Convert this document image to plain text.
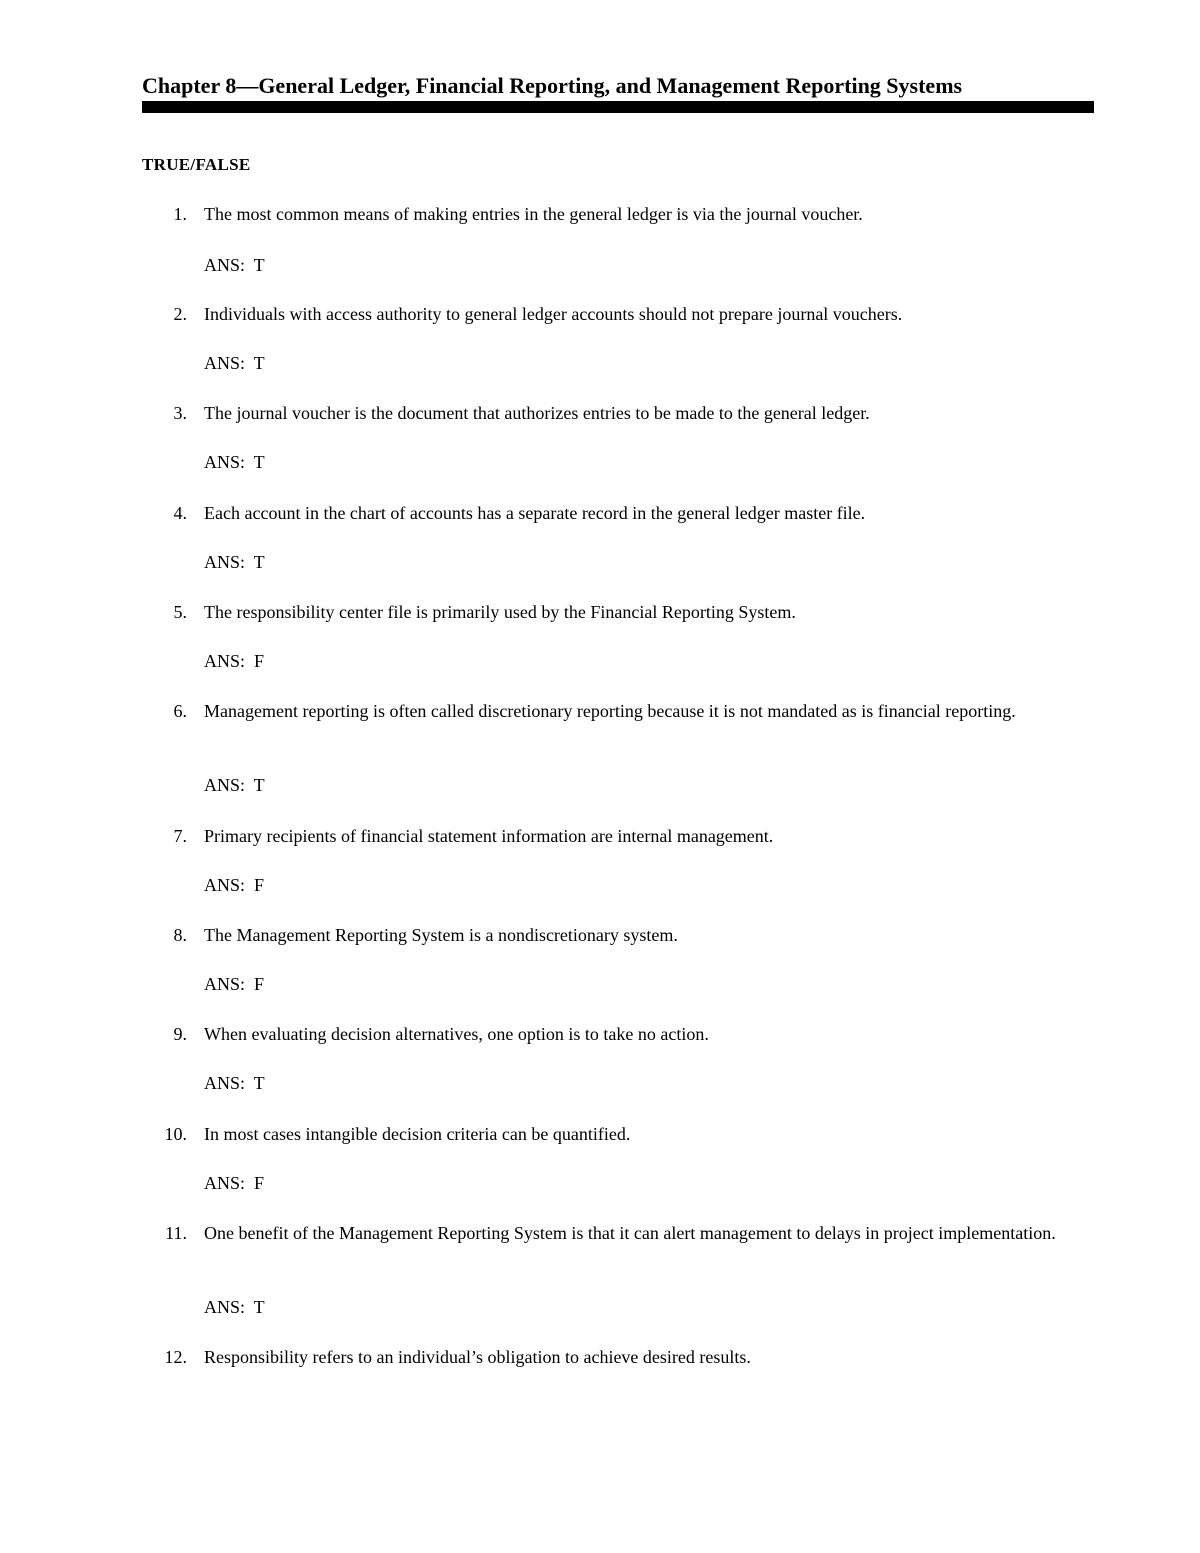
Chapter 8—General Ledger, Financial Reporting, and Management Reporting Systems
TRUE/FALSE
1. The most common means of making entries in the general ledger is via the journal voucher.
ANS:  T
2. Individuals with access authority to general ledger accounts should not prepare journal vouchers.
ANS:  T
3. The journal voucher is the document that authorizes entries to be made to the general ledger.
ANS:  T
4. Each account in the chart of accounts has a separate record in the general ledger master file.
ANS:  T
5. The responsibility center file is primarily used by the Financial Reporting System.
ANS:  F
6. Management reporting is often called discretionary reporting because it is not mandated as is financial reporting.
ANS:  T
7. Primary recipients of financial statement information are internal management.
ANS:  F
8. The Management Reporting System is a nondiscretionary system.
ANS:  F
9. When evaluating decision alternatives, one option is to take no action.
ANS:  T
10. In most cases intangible decision criteria can be quantified.
ANS:  F
11. One benefit of the Management Reporting System is that it can alert management to delays in project implementation.
ANS:  T
12. Responsibility refers to an individual’s obligation to achieve desired results.
